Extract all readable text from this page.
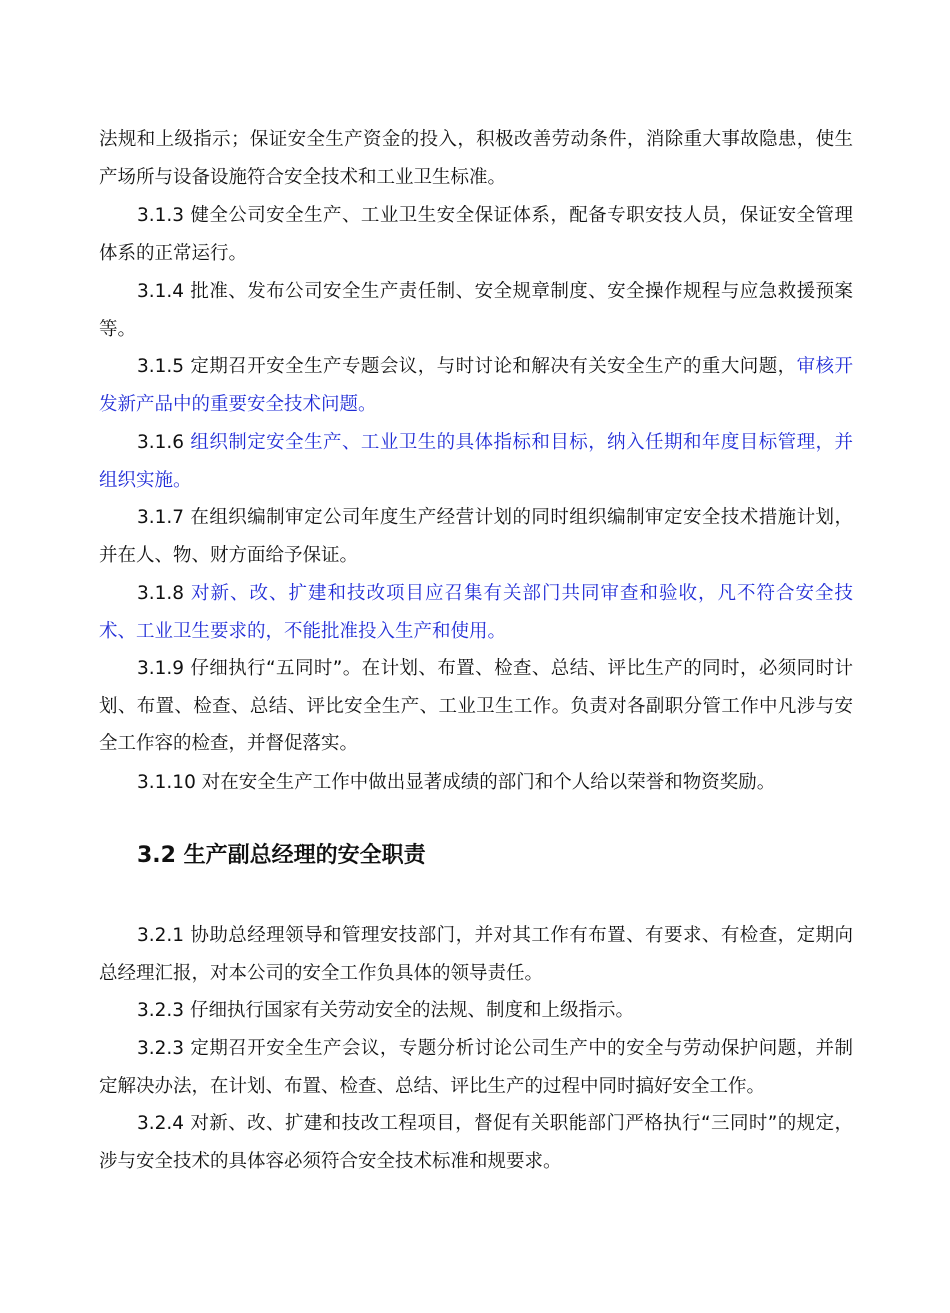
法规和上级指示；保证安全生产资金的投入，积极改善劳动条件，消除重大事故隐患，使生产场所与设备设施符合安全技术和工业卫生标准。

3.1.3 健全公司安全生产、工业卫生安全保证体系，配备专职安技人员，保证安全管理体系的正常运行。

3.1.4 批准、发布公司安全生产责任制、安全规章制度、安全操作规程与应急救援预案等。

3.1.5 定期召开安全生产专题会议，与时讨论和解决有关安全生产的重大问题，审核开发新产品中的重要安全技术问题。

3.1.6 组织制定安全生产、工业卫生的具体指标和目标，纳入任期和年度目标管理，并组织实施。

3.1.7 在组织编制审定公司年度生产经营计划的同时组织编制审定安全技术措施计划，并在人、物、财方面给予保证。

3.1.8 对新、改、扩建和技改项目应召集有关部门共同审查和验收，凡不符合安全技术、工业卫生要求的，不能批准投入生产和使用。

3.1.9 仔细执行“五同时”。在计划、布置、检查、总结、评比生产的同时，必须同时计划、布置、检查、总结、评比安全生产、工业卫生工作。负责对各副职分管工作中凡涉与安全工作容的检查，并督促落实。

3.1.10 对在安全生产工作中做出显著成绩的部门和个人给以荣誉和物资奖励。

3.2 生产副总经理的安全职责

3.2.1 协助总经理领导和管理安技部门，并对其工作有布置、有要求、有检查，定期向总经理汇报，对本公司的安全工作负具体的领导责任。

3.2.3 仔细执行国家有关劳动安全的法规、制度和上级指示。

3.2.3 定期召开安全生产会议，专题分析讨论公司生产中的安全与劳动保护问题，并制定解决办法，在计划、布置、检查、总结、评比生产的过程中同时搞好安全工作。

3.2.4 对新、改、扩建和技改工程项目，督促有关职能部门严格执行“三同时”的规定，涉与安全技术的具体容必须符合安全技术标准和规要求。
